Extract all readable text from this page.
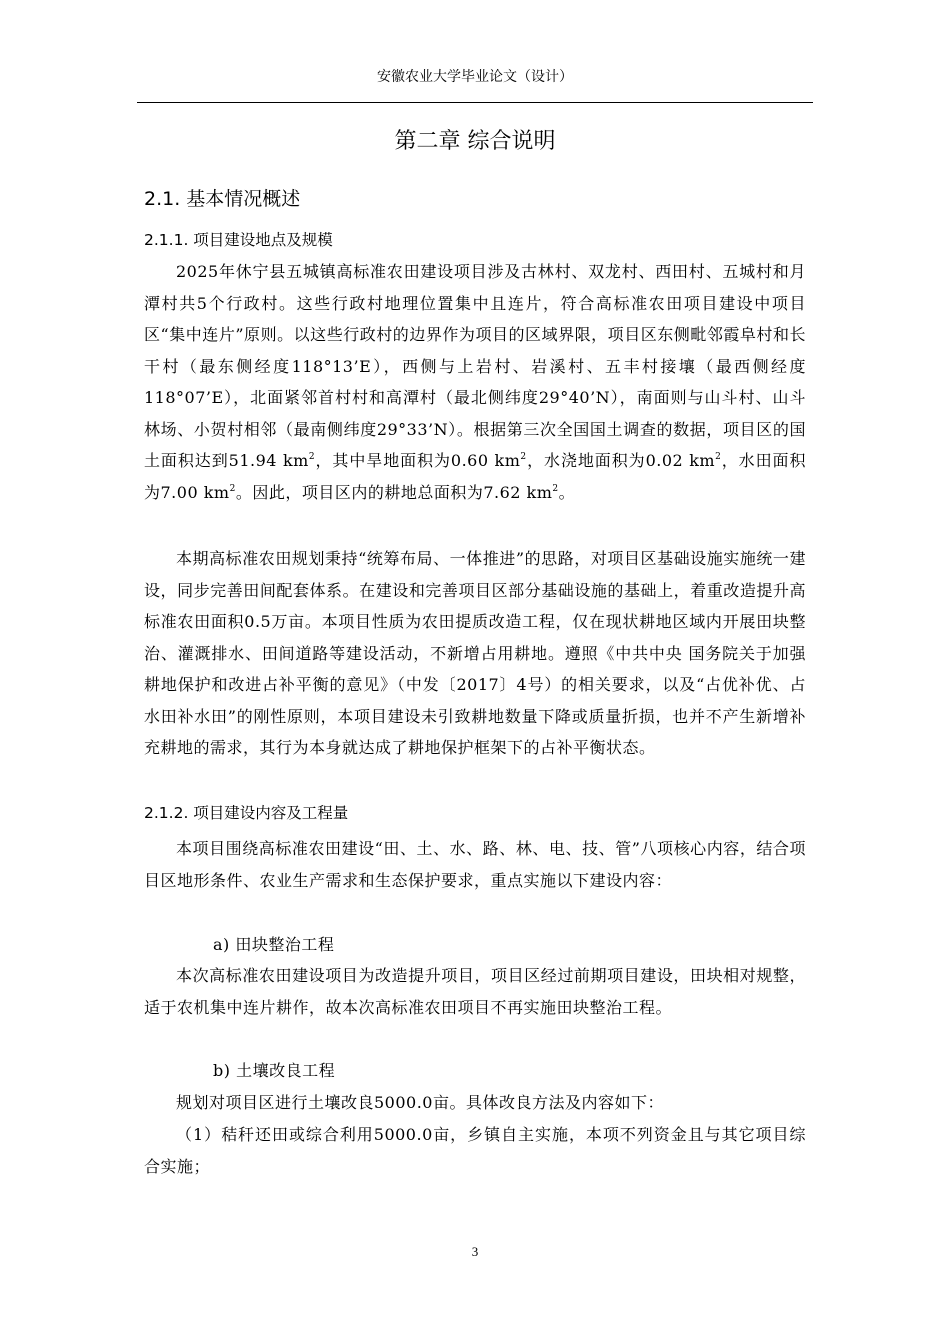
安徽农业大学毕业论文（设计）
第二章 综合说明
2.1. 基本情况概述
2.1.1. 项目建设地点及规模

2025年休宁县五城镇高标准农田建设项目涉及古林村、双龙村、西田村、五城村和月潭村共5个行政村。这些行政村地理位置集中且连片，符合高标准农田项目建设中项目区“集中连片”原则。以这些行政村的边界作为项目的区域界限，项目区东侧毗邻霞阜村和长干村（最东侧经度118°13’E），西侧与上岩村、岩溪村、五丰村接壤（最西侧经度118°07’E），北面紧邻首村村和高潭村（最北侧纬度29°40’N），南面则与山斗村、山斗林场、小贺村相邻（最南侧纬度29°33’N）。根据第三次全国国土调查的数据，项目区的国土面积达到51.94 $km^2$，其中旱地面积为0.60 $km^2$，水浇地面积为0.02 $km^2$，水田面积为7.00 $km^2$。因此，项目区内的耕地总面积为7.62 $km^2$。

本期高标准农田规划秉持“统筹布局、一体推进”的思路，对项目区基础设施实施统一建设，同步完善田间配套体系。在建设和完善项目区部分基础设施的基础上，着重改造提升高标准农田面积0.5万亩。本项目性质为农田提质改造工程，仅在现状耕地区域内开展田块整治、灌溉排水、田间道路等建设活动，不新增占用耕地。遵照《中共中央 国务院关于加强耕地保护和改进占补平衡的意见》（中发〔2017〕4号）的相关要求，以及“占优补优、占水田补水田”的刚性原则，本项目建设未引致耕地数量下降或质量折损，也并不产生新增补充耕地的需求，其行为本身就达成了耕地保护框架下的占补平衡状态。

2.1.2. 项目建设内容及工程量

本项目围绕高标准农田建设“田、土、水、路、林、电、技、管”八项核心内容，结合项目区地形条件、农业生产需求和生态保护要求，重点实施以下建设内容：

a) 田块整治工程

本次高标准农田建设项目为改造提升项目，项目区经过前期项目建设，田块相对规整，适于农机集中连片耕作，故本次高标准农田项目不再实施田块整治工程。

b) 土壤改良工程

规划对项目区进行土壤改良5000.0亩。具体改良方法及内容如下：

（1）秸秆还田或综合利用5000.0亩，乡镇自主实施，本项不列资金且与其它项目综合实施；

3
